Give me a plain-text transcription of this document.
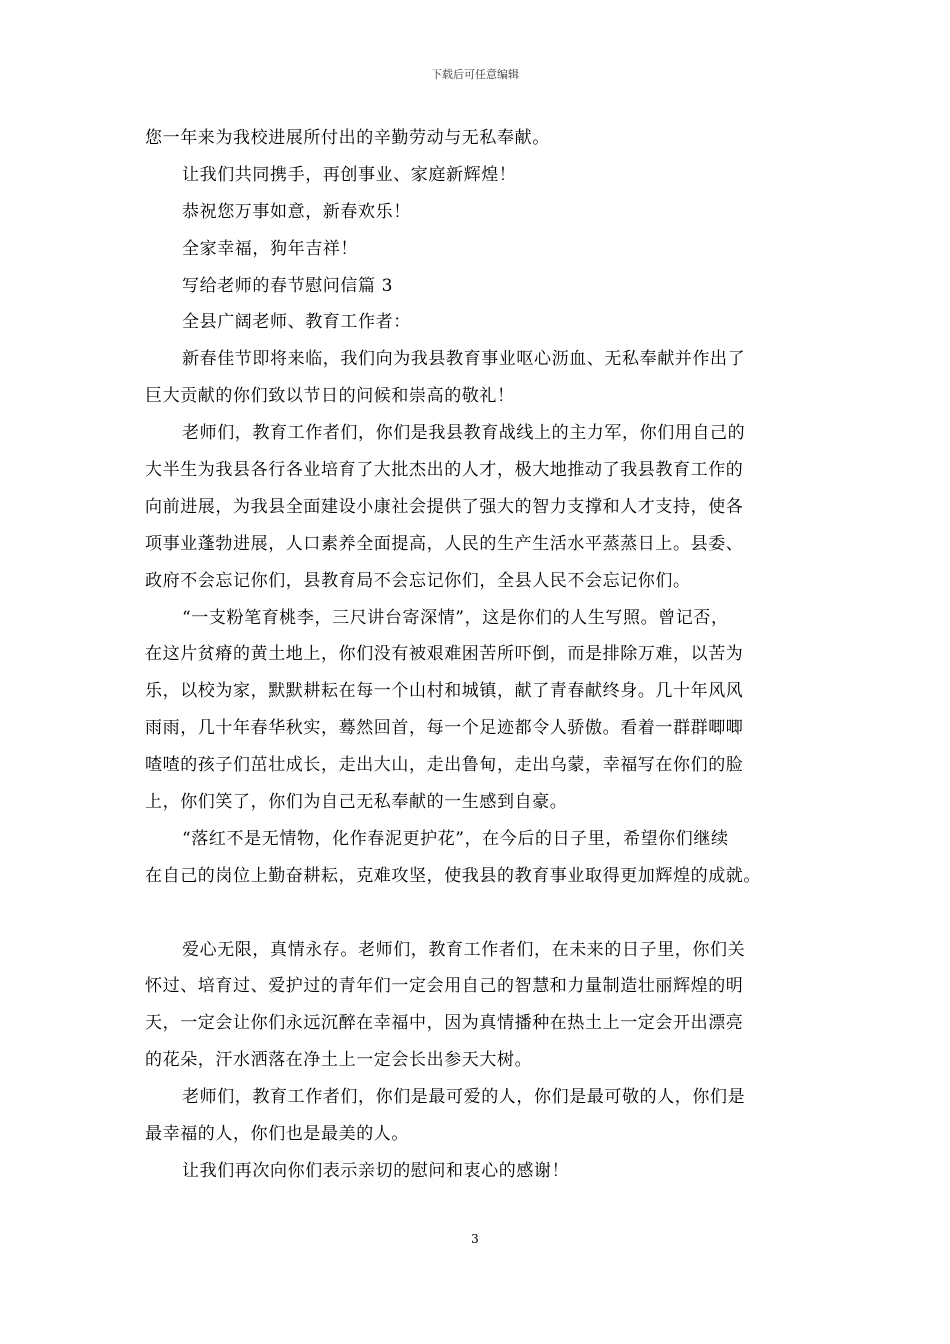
下载后可任意编辑
您一年来为我校进展所付出的辛勤劳动与无私奉献。
让我们共同携手，再创事业、家庭新辉煌！
恭祝您万事如意，新春欢乐！
全家幸福，狗年吉祥！
写给老师的春节慰问信篇 3
全县广阔老师、教育工作者：
新春佳节即将来临，我们向为我县教育事业呕心沥血、无私奉献并作出了
巨大贡献的你们致以节日的问候和崇高的敬礼！
老师们，教育工作者们，你们是我县教育战线上的主力军，你们用自己的
大半生为我县各行各业培育了大批杰出的人才，极大地推动了我县教育工作的
向前进展，为我县全面建设小康社会提供了强大的智力支撑和人才支持，使各
项事业蓬勃进展，人口素养全面提高，人民的生产生活水平蒸蒸日上。县委、
政府不会忘记你们，县教育局不会忘记你们，全县人民不会忘记你们。
“一支粉笔育桃李，三尺讲台寄深情”，这是你们的人生写照。曾记否，
在这片贫瘠的黄土地上，你们没有被艰难困苦所吓倒，而是排除万难，以苦为
乐，以校为家，默默耕耘在每一个山村和城镇，献了青春献终身。几十年风风
雨雨，几十年春华秋实，蓦然回首，每一个足迹都令人骄傲。看着一群群唧唧
喳喳的孩子们茁壮成长，走出大山，走出鲁甸，走出乌蒙，幸福写在你们的脸
上，你们笑了，你们为自己无私奉献的一生感到自豪。
“落红不是无情物，化作春泥更护花”，在今后的日子里，希望你们继续
在自己的岗位上勤奋耕耘，克难攻坚，使我县的教育事业取得更加辉煌的成就。
爱心无限，真情永存。老师们，教育工作者们，在未来的日子里，你们关
怀过、培育过、爱护过的青年们一定会用自己的智慧和力量制造壮丽辉煌的明
天，一定会让你们永远沉醉在幸福中，因为真情播种在热土上一定会开出漂亮
的花朵，汗水洒落在净土上一定会长出参天大树。
老师们，教育工作者们，你们是最可爱的人，你们是最可敬的人，你们是
最幸福的人，你们也是最美的人。
让我们再次向你们表示亲切的慰问和衷心的感谢！
3
